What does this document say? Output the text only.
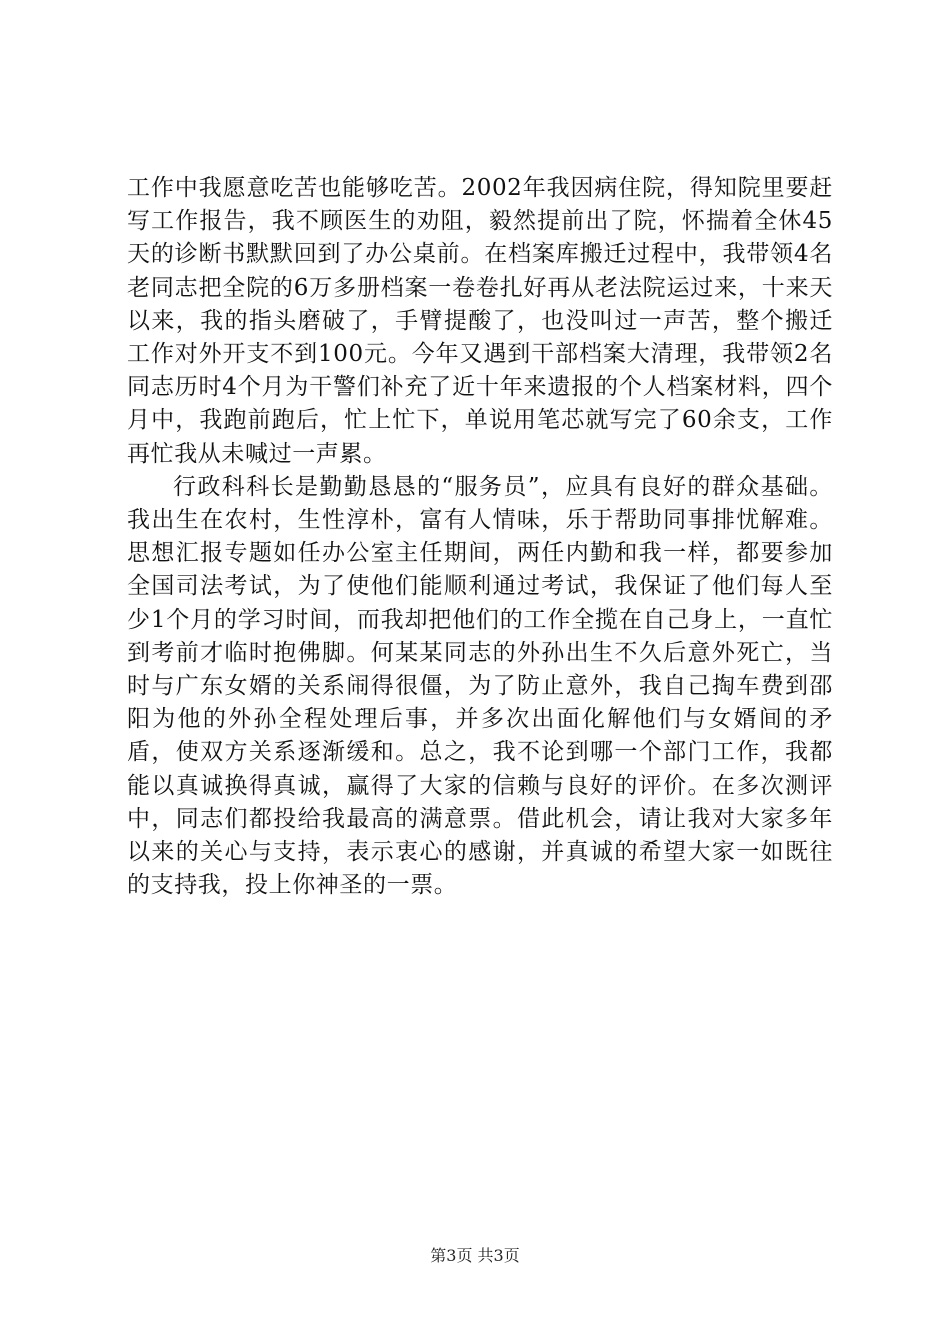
工作中我愿意吃苦也能够吃苦。2002年我因病住院，得知院里要赶写工作报告，我不顾医生的劝阻，毅然提前出了院，怀揣着全休45天的诊断书默默回到了办公桌前。在档案库搬迁过程中，我带领4名老同志把全院的6万多册档案一卷卷扎好再从老法院运过来，十来天以来，我的指头磨破了，手臂提酸了，也没叫过一声苦，整个搬迁工作对外开支不到100元。今年又遇到干部档案大清理，我带领2名同志历时4个月为干警们补充了近十年来遗报的个人档案材料，四个月中，我跑前跑后，忙上忙下，单说用笔芯就写完了60余支，工作再忙我从未喊过一声累。

行政科科长是勤勤恳恳的“服务员”，应具有良好的群众基础。我出生在农村，生性淳朴，富有人情味，乐于帮助同事排忧解难。思想汇报专题如任办公室主任期间，两任内勤和我一样，都要参加全国司法考试，为了使他们能顺利通过考试，我保证了他们每人至少1个月的学习时间，而我却把他们的工作全揽在自己身上，一直忙到考前才临时抱佛脚。何某某同志的外孙出生不久后意外死亡，当时与广东女婿的关系闹得很僵，为了防止意外，我自己掏车费到邵阳为他的外孙全程处理后事，并多次出面化解他们与女婿间的矛盾，使双方关系逐渐缓和。总之，我不论到哪一个部门工作，我都能以真诚换得真诚，赢得了大家的信赖与良好的评价。在多次测评中，同志们都投给我最高的满意票。借此机会，请让我对大家多年以来的关心与支持，表示衷心的感谢，并真诚的希望大家一如既往的支持我，投上你神圣的一票。

第3页 共3页
